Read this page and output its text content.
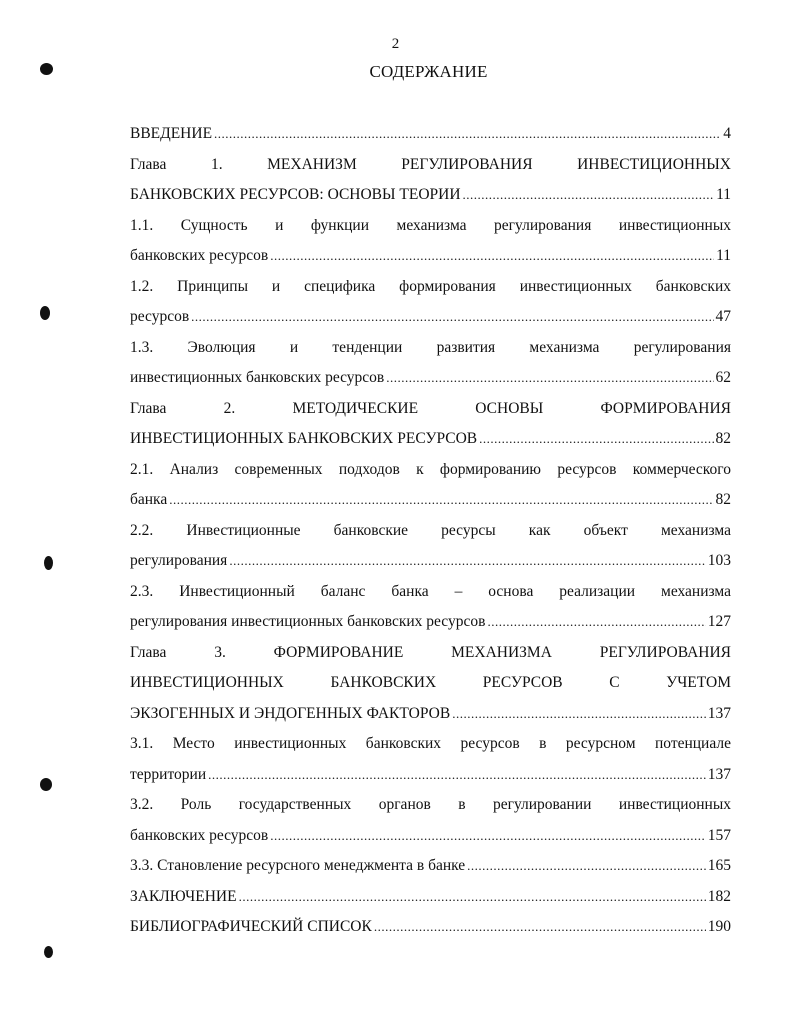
2
СОДЕРЖАНИЕ
ВВЕДЕНИЕ .....	4
Глава 1. МЕХАНИЗМ РЕГУЛИРОВАНИЯ ИНВЕСТИЦИОННЫХ
БАНКОВСКИХ РЕСУРСОВ: ОСНОВЫ ТЕОРИИ .....	11
1.1. Сущность и функции механизма регулирования инвестиционных
банковских ресурсов .....	11
1.2. Принципы и специфика формирования инвестиционных банковских
ресурсов .....	47
1.3. Эволюция и тенденции развития механизма регулирования
инвестиционных банковских ресурсов .....	62
Глава 2. МЕТОДИЧЕСКИЕ ОСНОВЫ ФОРМИРОВАНИЯ
ИНВЕСТИЦИОННЫХ БАНКОВСКИХ РЕСУРСОВ .....	82
2.1. Анализ современных подходов к формированию ресурсов коммерческого
банка .....	82
2.2. Инвестиционные банковские ресурсы как объект механизма
регулирования .....	103
2.3. Инвестиционный баланс банка – основа реализации механизма
регулирования инвестиционных банковских ресурсов .....	127
Глава 3. ФОРМИРОВАНИЕ МЕХАНИЗМА РЕГУЛИРОВАНИЯ
ИНВЕСТИЦИОННЫХ БАНКОВСКИХ РЕСУРСОВ С УЧЕТОМ
ЭКЗОГЕННЫХ И ЭНДОГЕННЫХ ФАКТОРОВ .....	137
3.1. Место инвестиционных банковских ресурсов в ресурсном потенциале
территории .....	137
3.2. Роль государственных органов в регулировании инвестиционных
банковских ресурсов .....	157
3.3. Становление ресурсного менеджмента в банке .....	165
ЗАКЛЮЧЕНИЕ .....	182
БИБЛИОГРАФИЧЕСКИЙ СПИСОК .....	190
